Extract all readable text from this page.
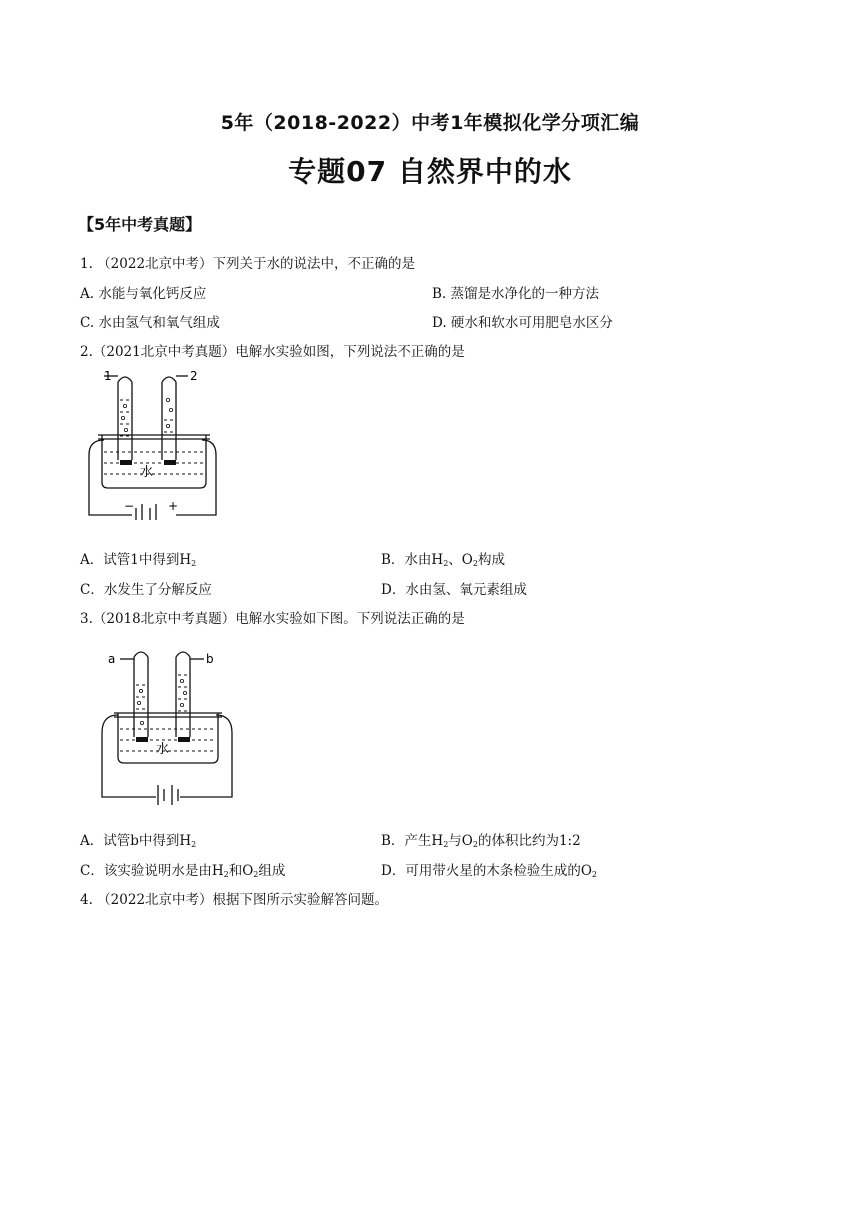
5年（2018-2022）中考1年模拟化学分项汇编
专题07 自然界中的水
【5年中考真题】
1. （2022北京中考）下列关于水的说法中，不正确的是
A. 水能与氧化钙反应	B. 蒸馏是水净化的一种方法
C. 水由氢气和氧气组成	D. 硬水和软水可用肥皂水区分
2.（2021北京中考真题）电解水实验如图，下列说法不正确的是
水
1	2
−	+
A．试管1中得到$H_2$	B．水由$H_2$、$O_2$构成
C．水发生了分解反应	D．水由氢、氧元素组成
3.（2018北京中考真题）电解水实验如下图。下列说法正确的是
水
a	b
A．试管b中得到$H_2$	B．产生$H_2$与$O_2$的体积比约为1:2
C．该实验说明水是由$H_2$和$O_2$组成	D．可用带火星的木条检验生成的$O_2$
4. （2022北京中考）根据下图所示实验解答问题。
